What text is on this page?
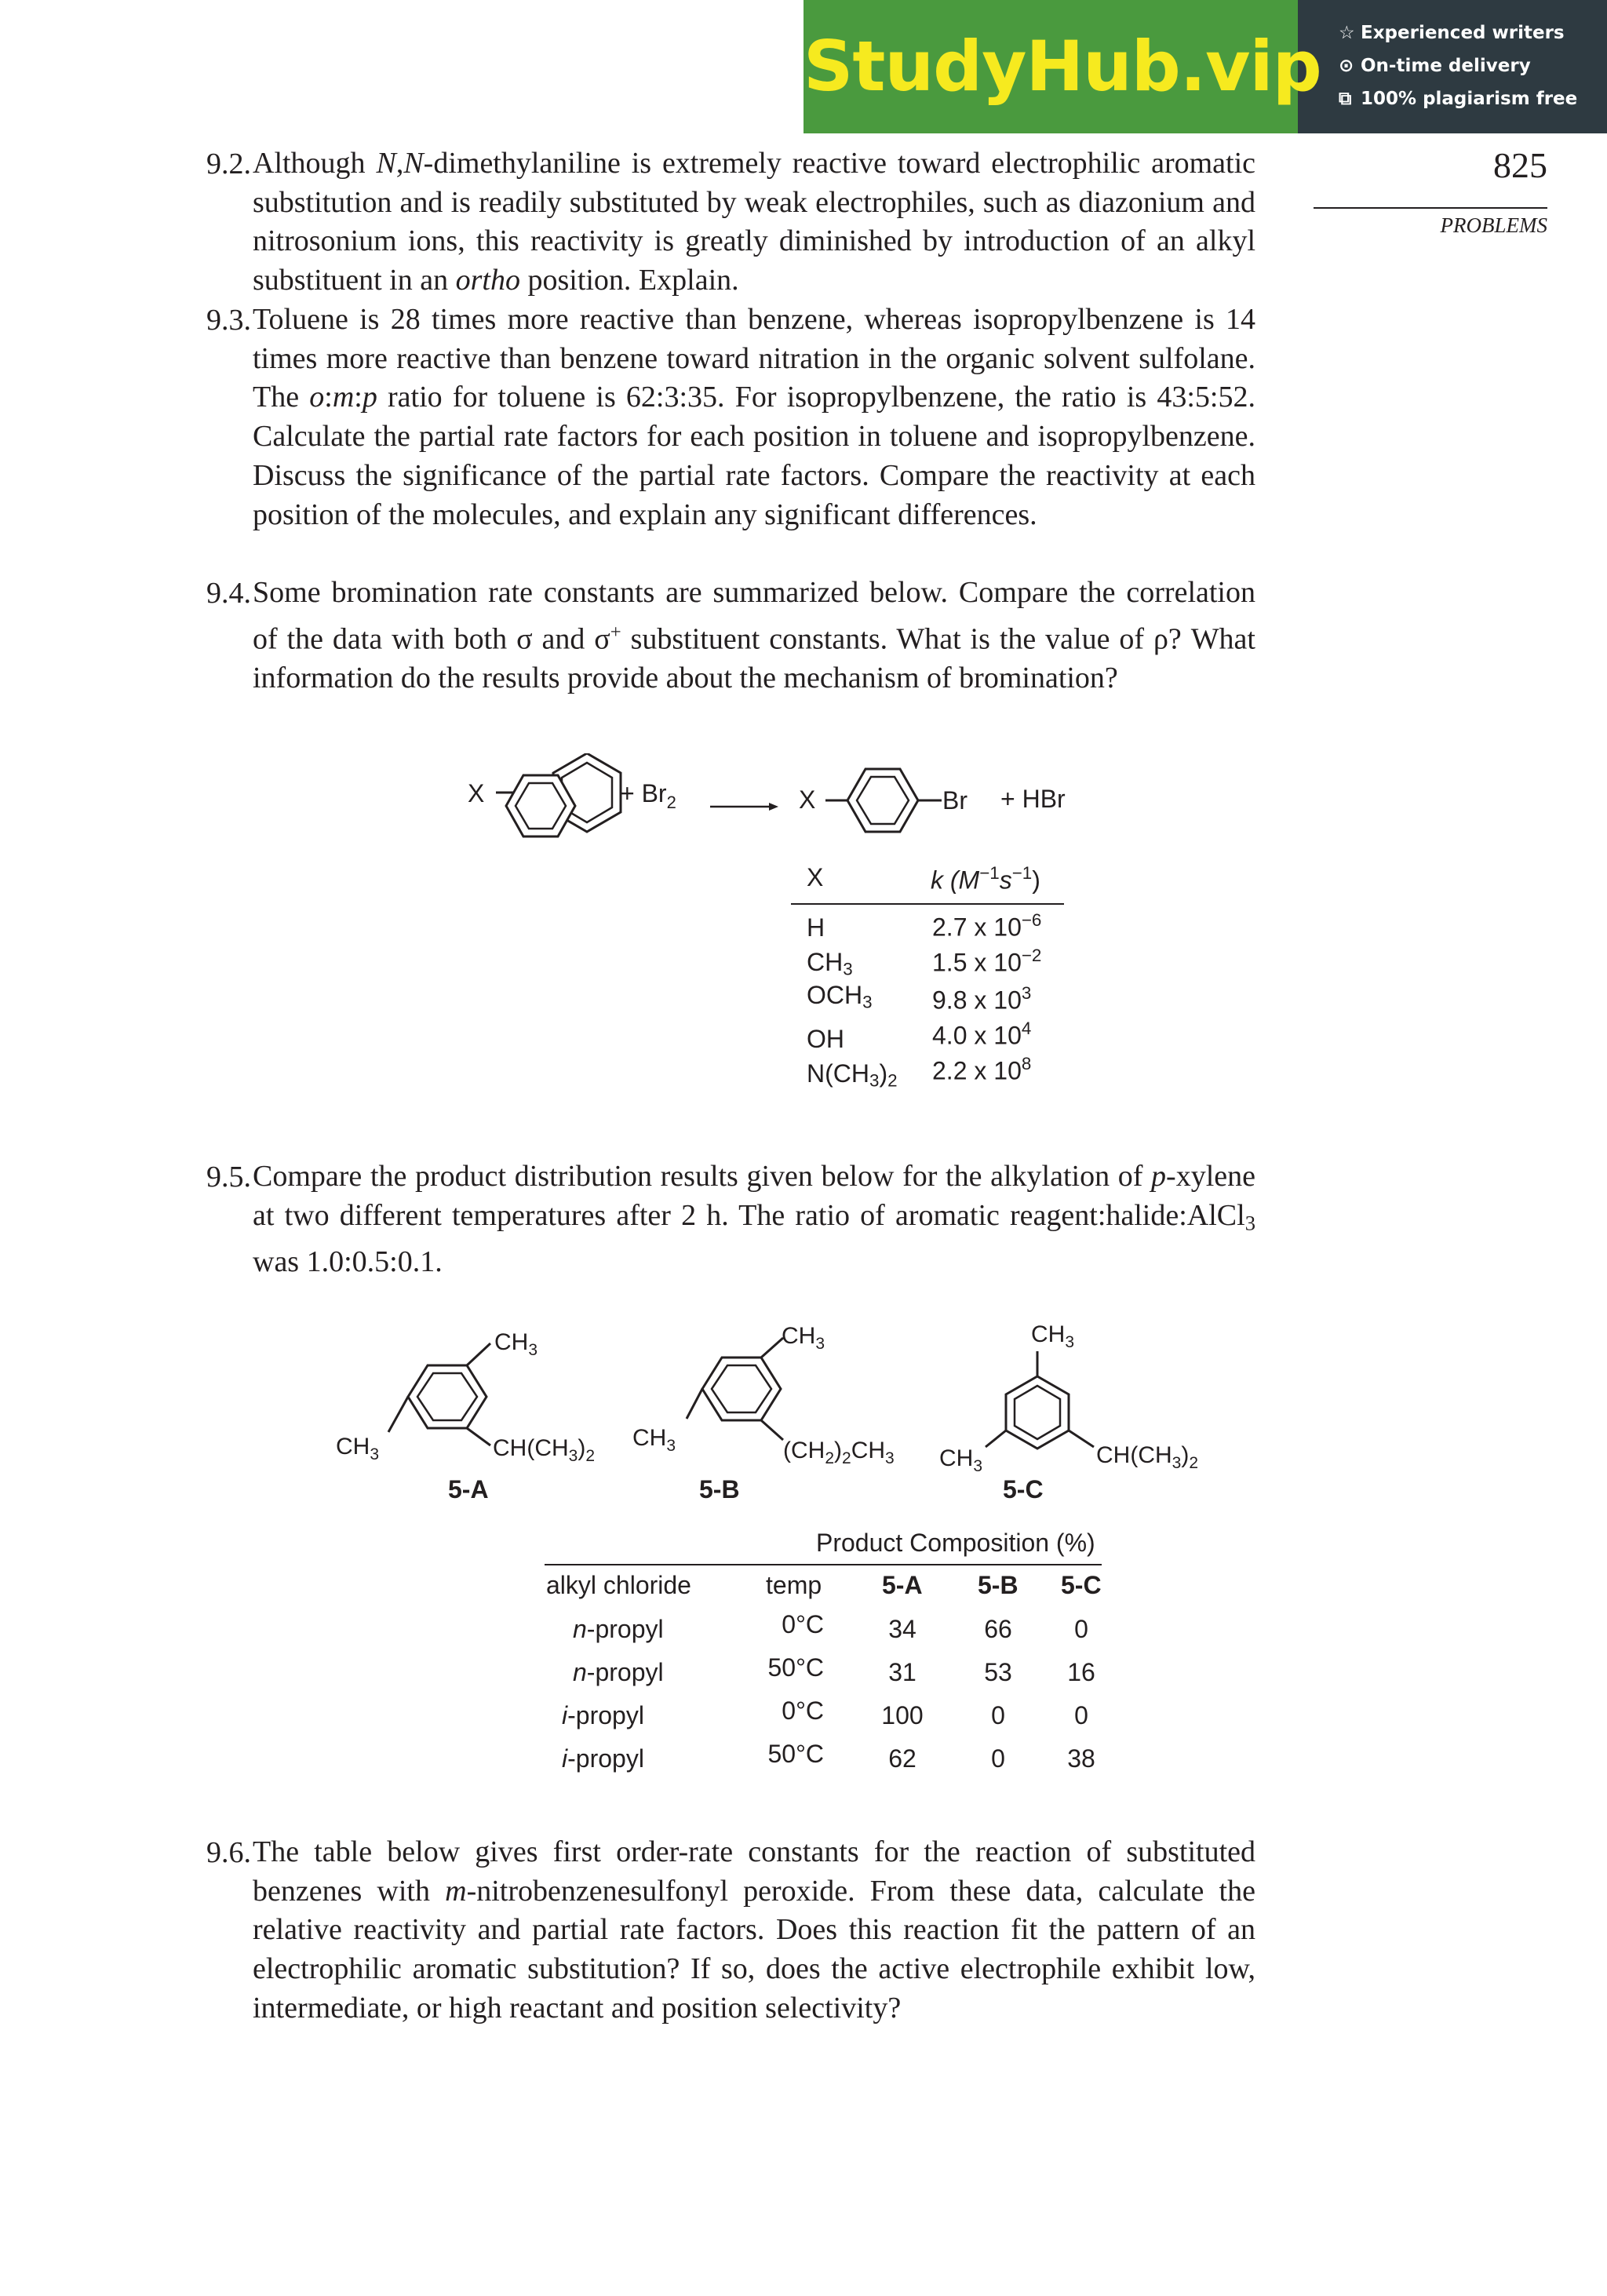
StudyHub.vip ☆ Experienced writers
⊙ On-time delivery
⧉ 100% plagiarism free
825
PROBLEMS
9.2. Although N,N-dimethylaniline is extremely reactive toward electrophilic aromatic substitution and is readily substituted by weak electrophiles, such as diazonium and nitrosonium ions, this reactivity is greatly diminished by introduction of an alkyl substituent in an ortho position. Explain.
9.3. Toluene is 28 times more reactive than benzene, whereas isopropylbenzene is 14 times more reactive than benzene toward nitration in the organic solvent sulfolane. The o:m:p ratio for toluene is 62:3:35. For isopropylbenzene, the ratio is 43:5:52. Calculate the partial rate factors for each position in toluene and isopropylbenzene. Discuss the significance of the partial rate factors. Compare the reactivity at each position of the molecules, and explain any significant differences.
9.4. Some bromination rate constants are summarized below. Compare the correlation of the data with both σ and σ+ substituent constants. What is the value of ρ? What information do the results provide about the mechanism of bromination?
X	+ $Br_2$	X	Br + HBr
X	k $(M^{-1}s^{-1})$
H	2.7 x $10^{-6}$
$CH_3$	1.5 x $10^{-2}$
$OCH_3$ 9.8 x $10^3$
OH	4.0 x $10^4$
$N(CH_3)_2$ 2.2 x $10^8$
9.5. Compare the product distribution results given below for the alkylation of p-xylene at two different temperatures after 2 h. The ratio of aromatic reagent:halide:AlCl$_3$ was 1.0:0.5:0.1.
$CH_3$
$CH(CH_3)_2$
$CH_3$
$CH_3$
$(CH_2)_2CH_3$
$CH_3$
$CH_3$
$CH_3$	$CH(CH_3)_2$
5-A	5-B	5-C
Product Composition (%)
alkyl chloride	temp 5-A 5-B 5-C
n-propyl	0°C	34	66	0
n-propyl	50°C	31	53	16
i-propyl	0°C	100	0	0
i-propyl	50°C	62	0	38
9.6. The table below gives first order-rate constants for the reaction of substituted benzenes with m-nitrobenzenesulfonyl peroxide. From these data, calculate the relative reactivity and partial rate factors. Does this reaction fit the pattern of an electrophilic aromatic substitution? If so, does the active electrophile exhibit low, intermediate, or high reactant and position selectivity?
